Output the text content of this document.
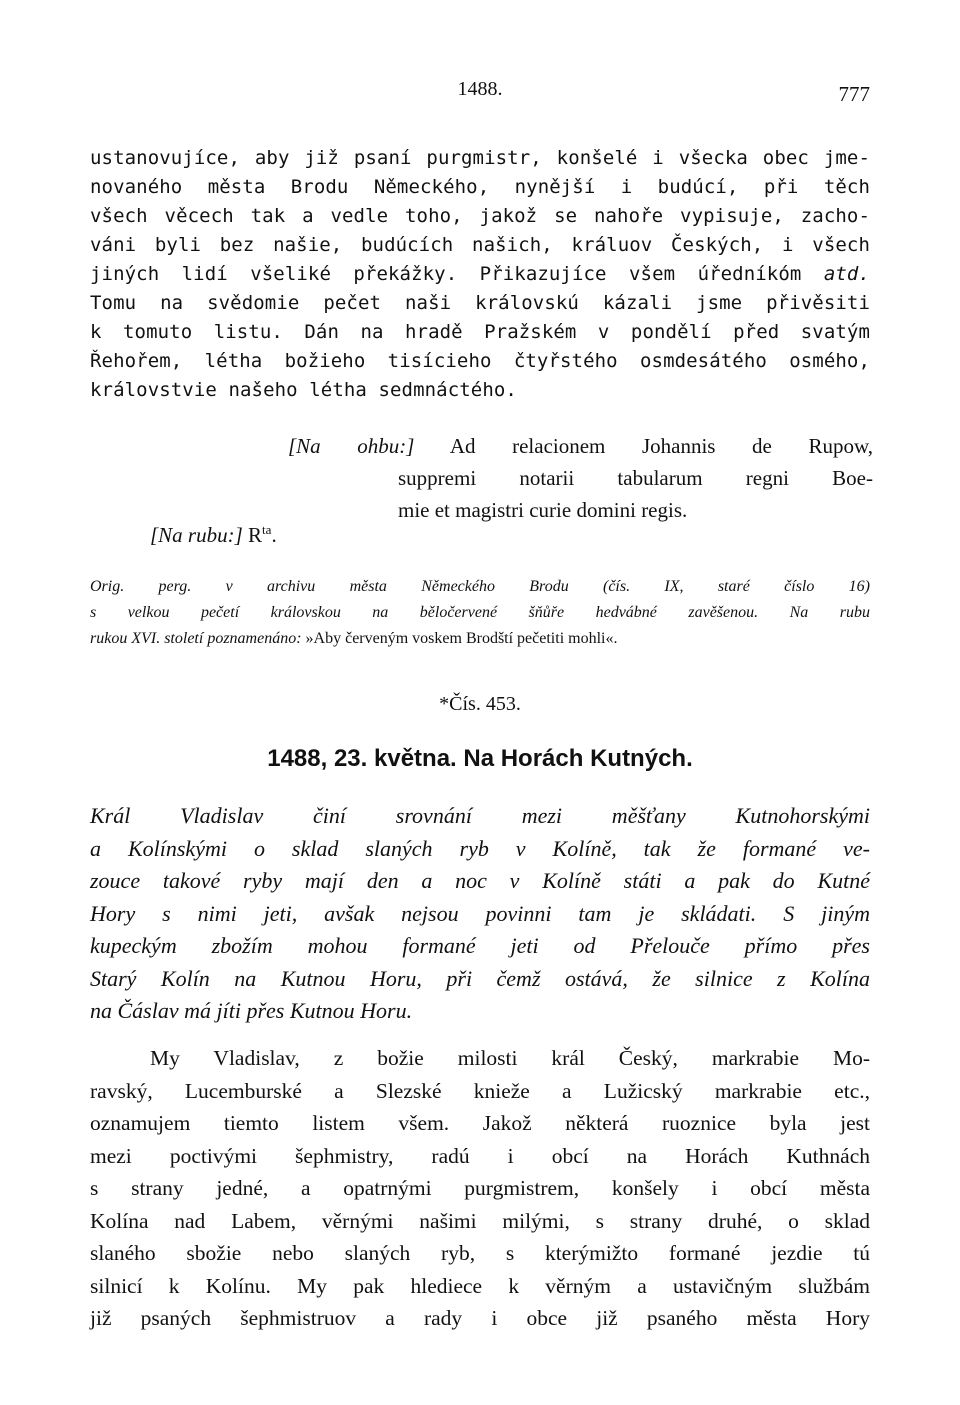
1488.	777
ustanovujíce, aby již psaní purgmistr, konšelé i všecka obec jme-
novaného města Brodu Německého, nynější i budúcí, při těch
všech věcech tak a vedle toho, jakož se nahoře vypisuje, zacho-
váni byli bez našie, budúcích našich, králuov Českých, i všech
jiných lidí všeliké překážky. Přikazujíce všem úředníkóm atd.
Tomu na svědomie pečet naši královskú kázali jsme přivěsiti
k tomuto listu. Dán na hradě Pražském v pondělí před svatým
Řehořem, létha božieho tisícieho čtyřstého osmdesátého osmého,
královstvie našeho létha sedmnáctého.
[Na ohbu:] Ad relacionem Johannis de Rupow,
suppremi notarii tabularum regni Boe-
mie et magistri curie domini regis.
[Na rubu:] $R^{ta}$.
Orig. perg. v archivu města Německého Brodu (čís. IX, staré číslo 16)
s velkou pečetí královskou na běločervené šňůře hedvábné zavěšenou. Na rubu
rukou XVI. století poznamenáno: »Aby červeným voskem Brodští pečetiti mohli«.
*Čís. 453.
1488, 23. května. Na Horách Kutných.
Král Vladislav činí srovnání mezi měšťany Kutnohorskými
a Kolínskými o sklad slaných ryb v Kolíně, tak že formané ve-
zouce takové ryby mají den a noc v Kolíně státi a pak do Kutné
Hory s nimi jeti, avšak nejsou povinni tam je skládati. S jiným
kupeckým zbožím mohou formané jeti od Přelouče přímo přes
Starý Kolín na Kutnou Horu, při čemž ostává, že silnice z Kolína
na Čáslav má jíti přes Kutnou Horu.
My Vladislav, z božie milosti král Český, markrabie Mo-
ravský, Lucemburské a Slezské knieže a Lužicský markrabie etc.,
oznamujem tiemto listem všem. Jakož některá ruoznice byla jest
mezi poctivými šephmistry, radú i obcí na Horách Kuthnách
s strany jedné, a opatrnými purgmistrem, konšely i obcí města
Kolína nad Labem, věrnými našimi milými, s strany druhé, o sklad
slaného sbožie nebo slaných ryb, s kterýmižto formané jezdie tú
silnicí k Kolínu. My pak hlediece k věrným a ustavičným službám
již psaných šephmistruov a rady i obce již psaného města Hory
